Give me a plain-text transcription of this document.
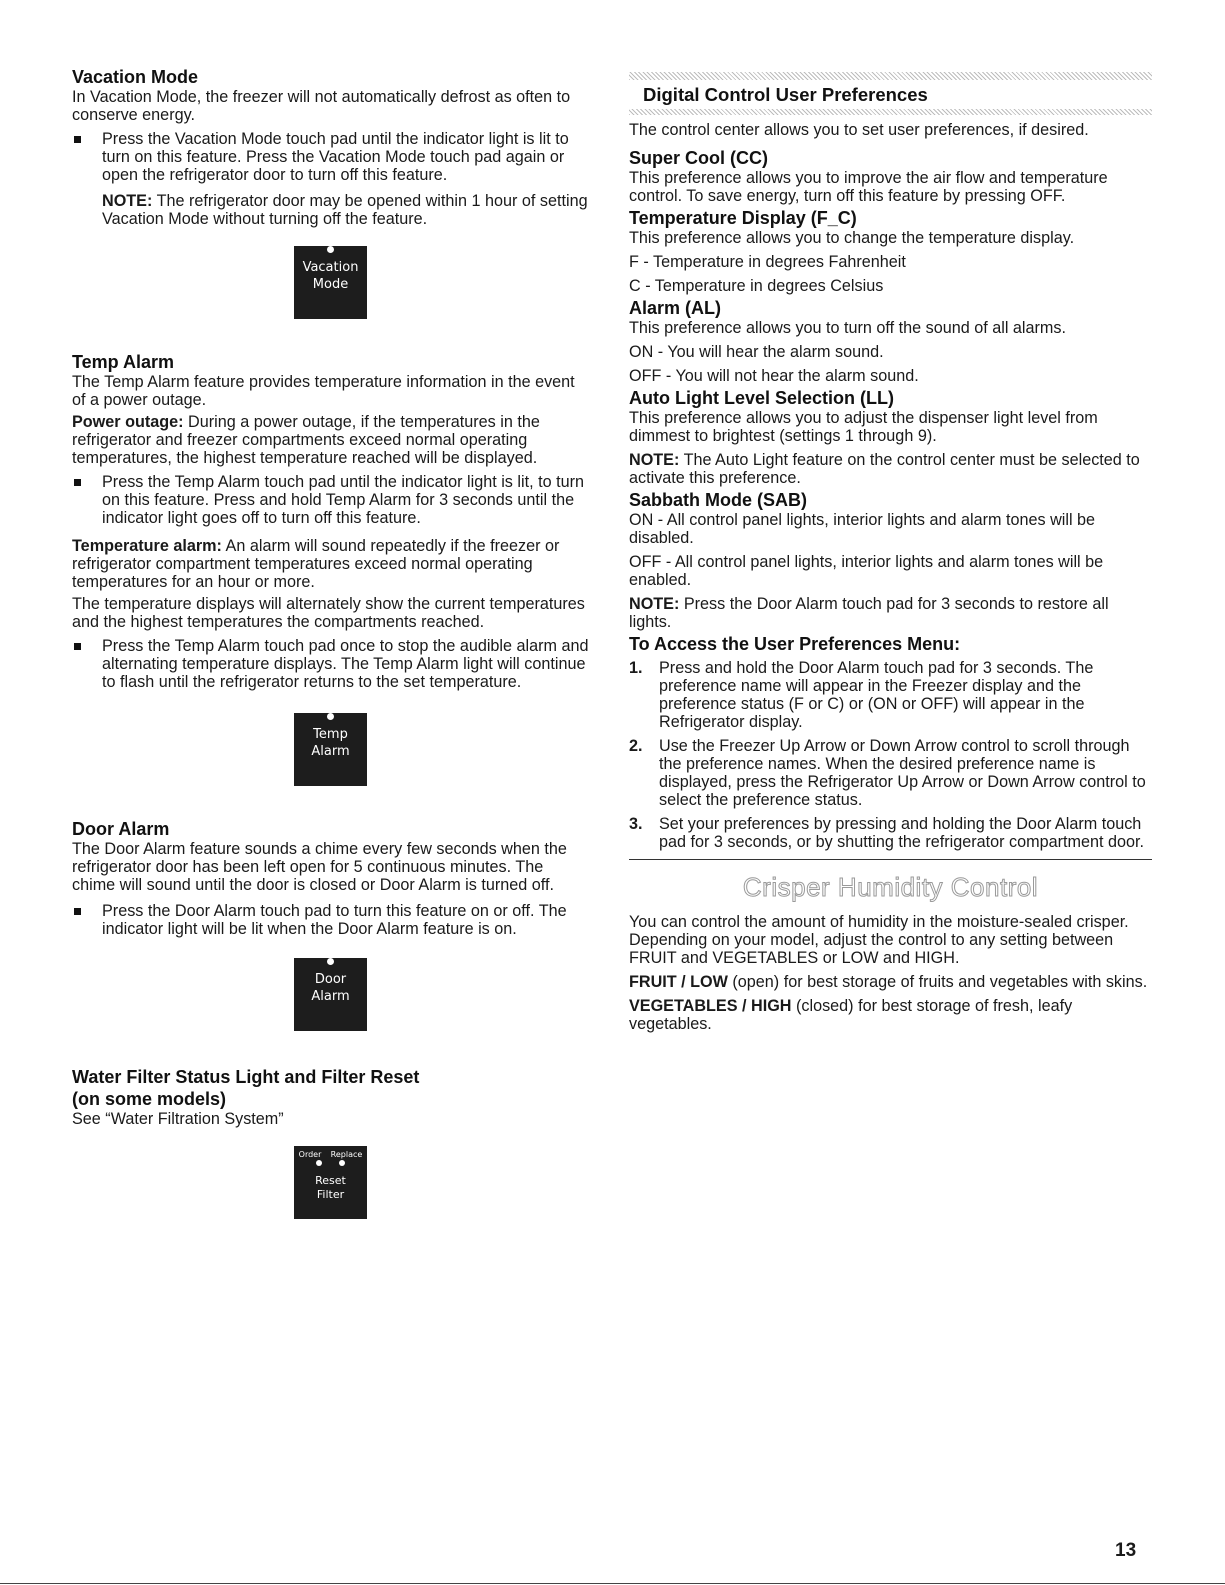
Vacation Mode

In Vacation Mode, the freezer will not automatically defrost as often to conserve energy.

Press the Vacation Mode touch pad until the indicator light is lit to turn on this feature. Press the Vacation Mode touch pad again or open the refrigerator door to turn off this feature.

NOTE: The refrigerator door may be opened within 1 hour of setting Vacation Mode without turning off the feature.

Vacation
Mode
Temp Alarm

The Temp Alarm feature provides temperature information in the event of a power outage.

Power outage: During a power outage, if the temperatures in the refrigerator and freezer compartments exceed normal operating temperatures, the highest temperature reached will be displayed.

Press the Temp Alarm touch pad until the indicator light is lit, to turn on this feature. Press and hold Temp Alarm for 3 seconds until the indicator light goes off to turn off this feature.

Temperature alarm: An alarm will sound repeatedly if the freezer or refrigerator compartment temperatures exceed normal operating temperatures for an hour or more.

The temperature displays will alternately show the current temperatures and the highest temperatures the compartments reached.

Press the Temp Alarm touch pad once to stop the audible alarm and alternating temperature displays. The Temp Alarm light will continue to flash until the refrigerator returns to the set temperature.
Temp
Alarm
Door Alarm

The Door Alarm feature sounds a chime every few seconds when the refrigerator door has been left open for 5 continuous minutes. The chime will sound until the door is closed or Door Alarm is turned off.

Press the Door Alarm touch pad to turn this feature on or off. The indicator light will be lit when the Door Alarm feature is on.
Door
Alarm
Water Filter Status Light and Filter Reset
(on some models)

See “Water Filtration System”

Order Replace
Reset
Filter
Digital Control User Preferences

The control center allows you to set user preferences, if desired.

Super Cool (CC)

This preference allows you to improve the air flow and temperature control. To save energy, turn off this feature by pressing OFF.

Temperature Display (F_C)

This preference allows you to change the temperature display.

F - Temperature in degrees Fahrenheit

C - Temperature in degrees Celsius

Alarm (AL)

This preference allows you to turn off the sound of all alarms.

ON - You will hear the alarm sound.

OFF - You will not hear the alarm sound.

Auto Light Level Selection (LL)

This preference allows you to adjust the dispenser light level from dimmest to brightest (settings 1 through 9).

NOTE: The Auto Light feature on the control center must be selected to activate this preference.

Sabbath Mode (SAB)

ON - All control panel lights, interior lights and alarm tones will be disabled.

OFF - All control panel lights, interior lights and alarm tones will be enabled.

NOTE: Press the Door Alarm touch pad for 3 seconds to restore all lights.

To Access the User Preferences Menu:
1. Press and hold the Door Alarm touch pad for 3 seconds. The preference name will appear in the Freezer display and the preference status (F or C) or (ON or OFF) will appear in the Refrigerator display.
2. Use the Freezer Up Arrow or Down Arrow control to scroll through the preference names. When the desired preference name is displayed, press the Refrigerator Up Arrow or Down Arrow control to select the preference status.
3. Set your preferences by pressing and holding the Door Alarm touch pad for 3 seconds, or by shutting the refrigerator compartment door.
Crisper Humidity Control

You can control the amount of humidity in the moisture-sealed crisper. Depending on your model, adjust the control to any setting between FRUIT and VEGETABLES or LOW and HIGH.

FRUIT / LOW (open) for best storage of fruits and vegetables with skins.

VEGETABLES / HIGH (closed) for best storage of fresh, leafy vegetables.

13
